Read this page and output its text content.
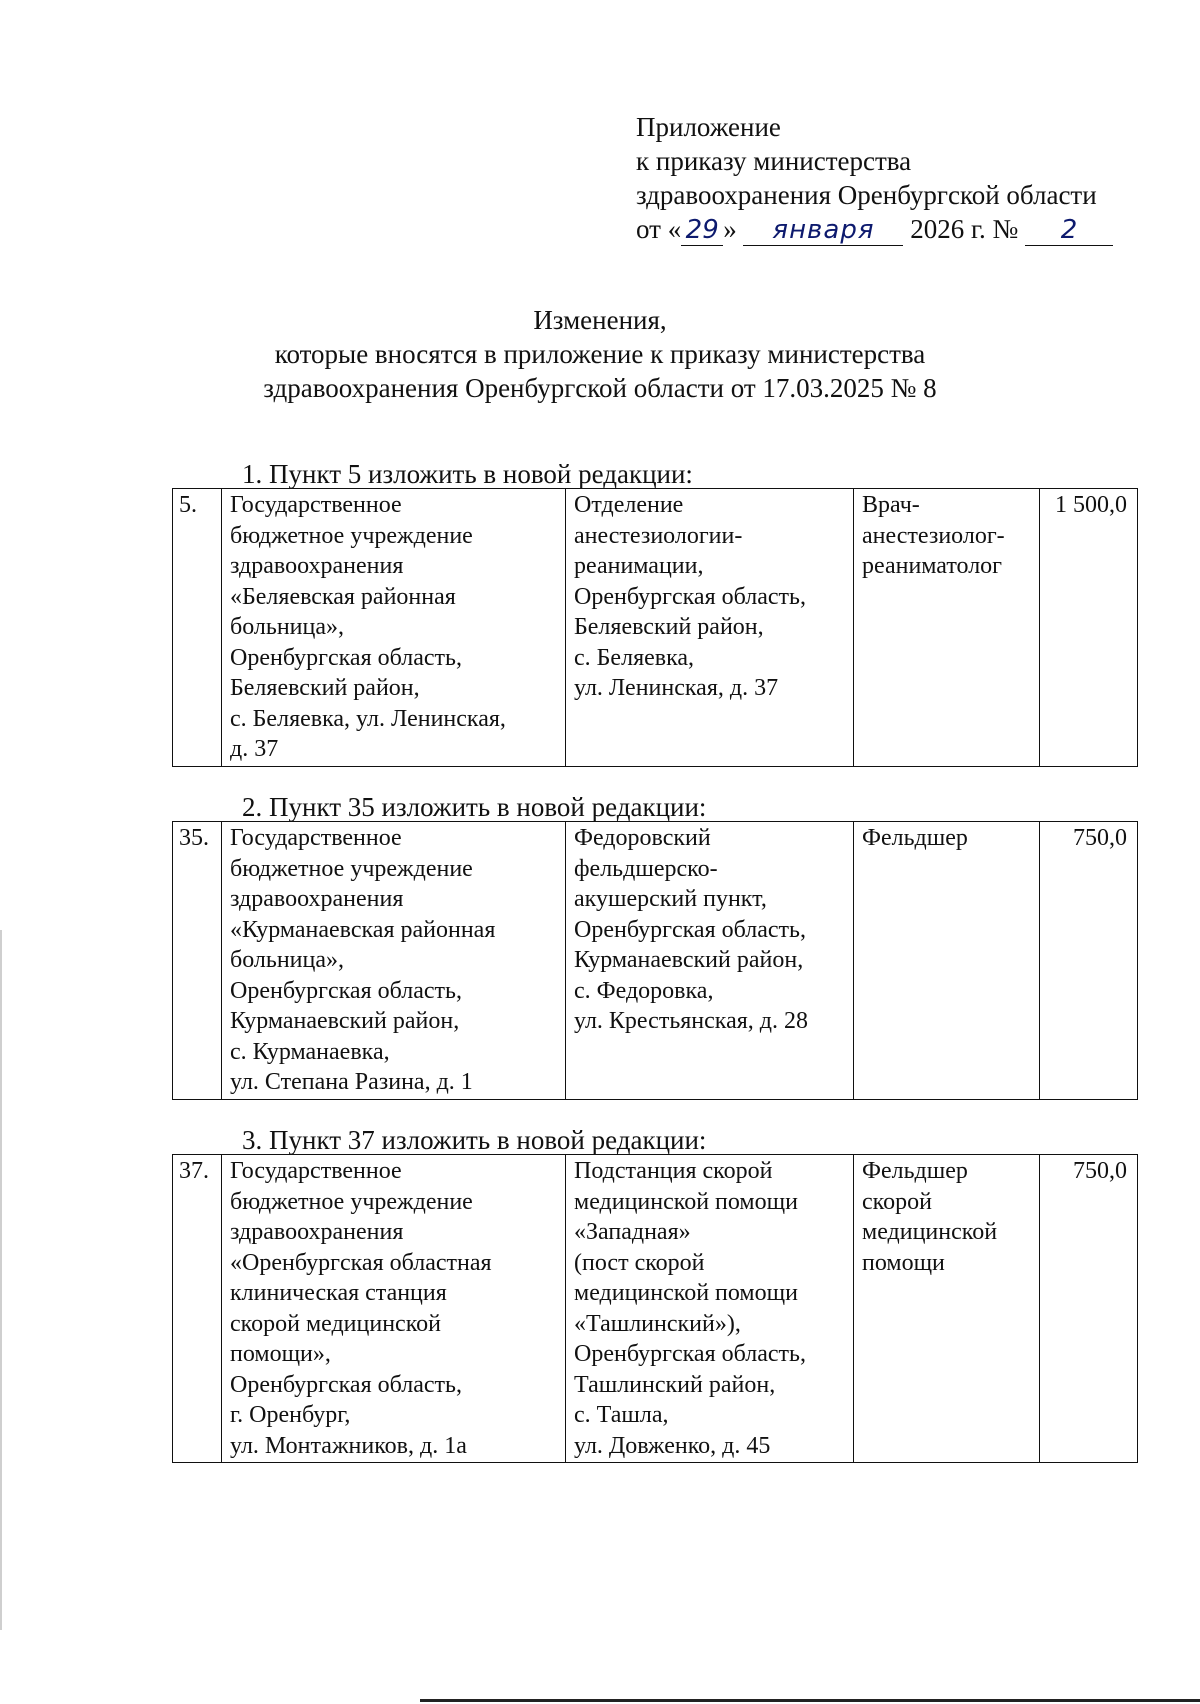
Приложение
к приказу министерства
здравоохранения Оренбургской области
от « 29 »
	января
	2026 г. №
	2
Изменения,
которые вносятся в приложение к приказу министерства
здравоохранения Оренбургской области от 17.03.2025 № 8
1. Пункт 5 изложить в новой редакции:
5.	Государственное
бюджетное учреждение
здравоохранения
«Беляевская районная
больница»,
Оренбургская область,
Беляевский район,
с. Беляевка, ул. Ленинская,
д. 37

Отделение
анестезиологии-
реанимации,
Оренбургская область,
Беляевский район,
с. Беляевка,
ул. Ленинская, д. 37

Врач-
анестезиолог-
реаниматолог
	1 500,0
2. Пункт 35 изложить в новой редакции:
35.	Государственное
бюджетное учреждение
здравоохранения
«Курманаевская районная
больница»,
Оренбургская область,
Курманаевский район,
с. Курманаевка,
ул. Степана Разина, д. 1

Федоровский
фельдшерско-
акушерский пункт,
Оренбургская область,
Курманаевский район,
с. Федоровка,
ул. Крестьянская, д. 28

Фельдшер	750,0
3. Пункт 37 изложить в новой редакции:
37.	Государственное
бюджетное учреждение
здравоохранения
«Оренбургская областная
клиническая станция
скорой медицинской
помощи»,
Оренбургская область,
г. Оренбург,
ул. Монтажников, д. 1а

Подстанция скорой
медицинской помощи
«Западная»
(пост скорой
медицинской помощи
«Ташлинский»),
Оренбургская область,
Ташлинский район,
с. Ташла,
ул. Довженко, д. 45

Фельдшер
скорой
медицинской
помощи
	750,0
